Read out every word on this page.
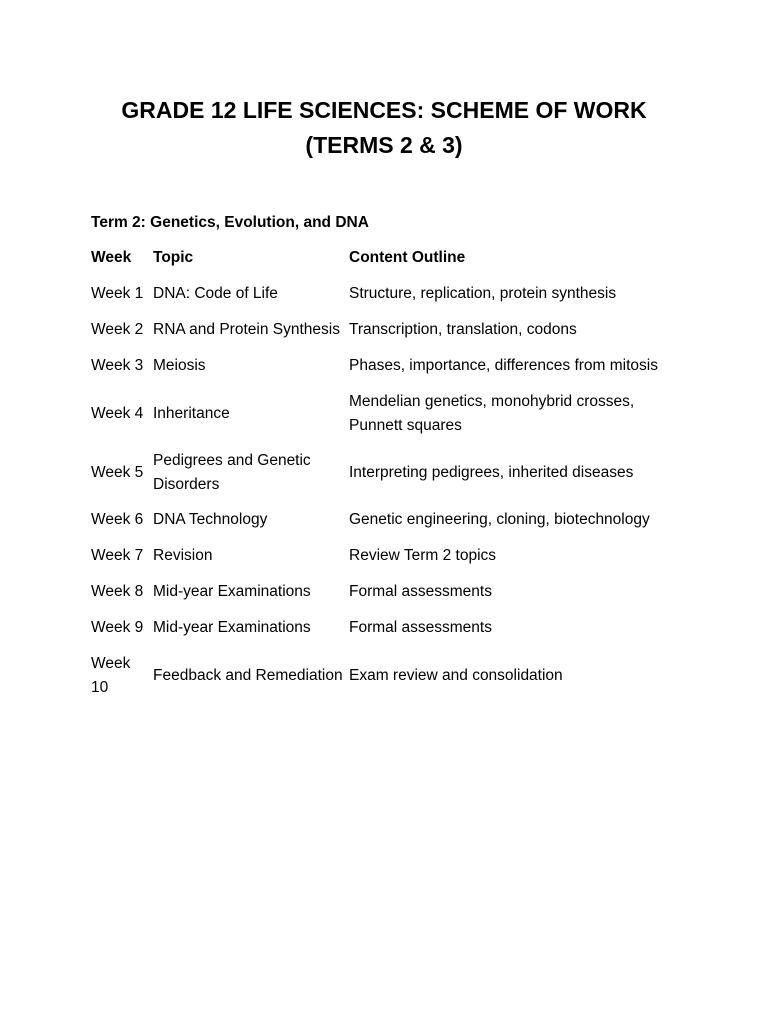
GRADE 12 LIFE SCIENCES: SCHEME OF WORK
(TERMS 2 & 3)
Term 2: Genetics, Evolution, and DNA
Week	Topic	Content Outline
Week 1	DNA: Code of Life	Structure, replication, protein synthesis
Week 2	RNA and Protein Synthesis	Transcription, translation, codons
Week 3	Meiosis	Phases, importance, differences from mitosis
Week 4	Inheritance	Mendelian genetics, monohybrid crosses, Punnett squares
Week 5	Pedigrees and Genetic Disorders	Interpreting pedigrees, inherited diseases
Week 6	DNA Technology	Genetic engineering, cloning, biotechnology
Week 7	Revision	Review Term 2 topics
Week 8	Mid-year Examinations	Formal assessments
Week 9	Mid-year Examinations	Formal assessments
Week 10	Feedback and Remediation	Exam review and consolidation
